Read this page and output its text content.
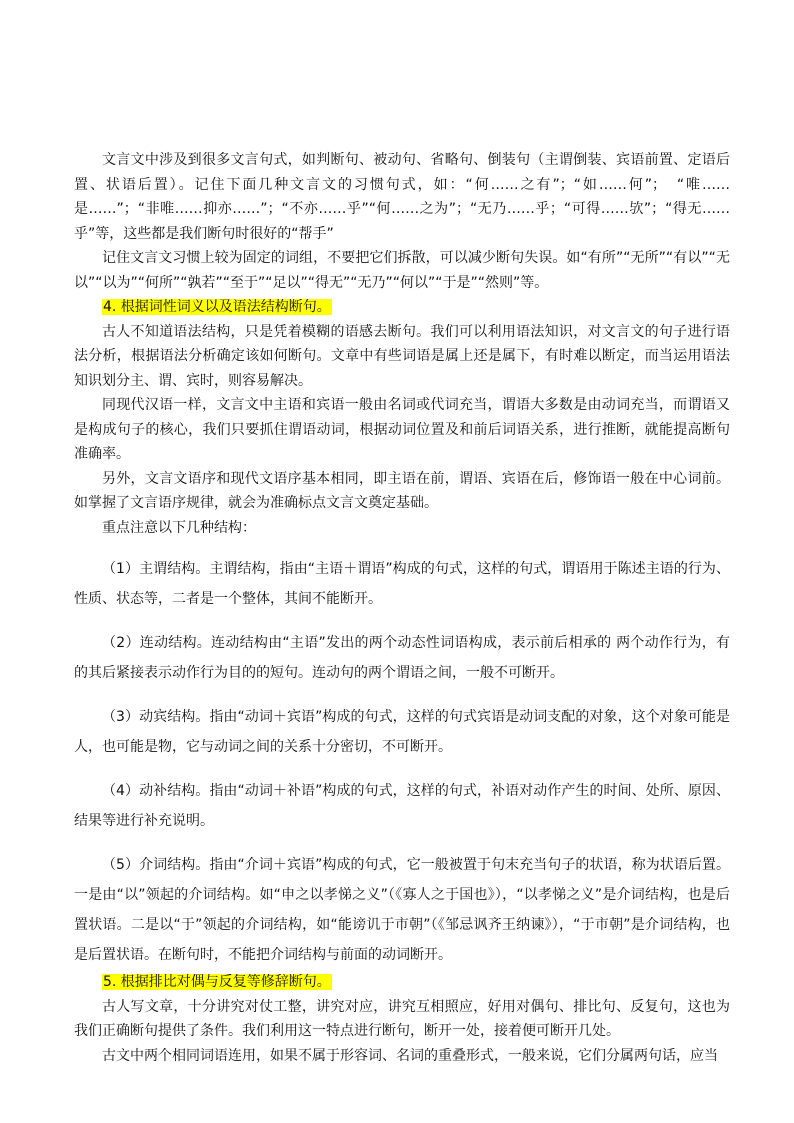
文言文中涉及到很多文言句式，如判断句、被动句、省略句、倒装句（主谓倒装、宾语前置、定语后置、状语后置）。记住下面几种文言文的习惯句式，如：“何……之有”；“如……何”；　“唯……是……”；“非唯……抑亦……”；“不亦……乎”“何……之为”；“无乃……乎；“可得……欤”；“得无……乎”等，这些都是我们断句时很好的“帮手”

记住文言文习惯上较为固定的词组，不要把它们拆散，可以减少断句失误。如“有所”“无所”“有以”“无以”“以为”“何所”“孰若”“至于”“足以”“得无”“无乃”“何以”“于是”“然则”等。

4. 根据词性词义以及语法结构断句。

古人不知道语法结构，只是凭着模糊的语感去断句。我们可以利用语法知识，对文言文的句子进行语法分析，根据语法分析确定该如何断句。文章中有些词语是属上还是属下，有时难以断定，而当运用语法知识划分主、谓、宾时，则容易解决。

同现代汉语一样，文言文中主语和宾语一般由名词或代词充当，谓语大多数是由动词充当，而谓语又是构成句子的核心，我们只要抓住谓语动词，根据动词位置及和前后词语关系，进行推断，就能提高断句准确率。

另外，文言文语序和现代文语序基本相同，即主语在前，谓语、宾语在后，修饰语一般在中心词前。如掌握了文言语序规律，就会为准确标点文言文奠定基础。

重点注意以下几种结构：

（1）主谓结构。主谓结构，指由“主语＋谓语”构成的句式，这样的句式，谓语用于陈述主语的行为、性质、状态等，二者是一个整体，其间不能断开。

（2）连动结构。连动结构由“主语”发出的两个动态性词语构成，表示前后相承的 两个动作行为，有的其后紧接表示动作行为目的的短句。连动句的两个谓语之间，一般不可断开。

（3）动宾结构。指由“动词＋宾语”构成的句式，这样的句式宾语是动词支配的对象，这个对象可能是人，也可能是物，它与动词之间的关系十分密切，不可断开。

（4）动补结构。指由“动词＋补语”构成的句式，这样的句式，补语对动作产生的时间、处所、原因、结果等进行补充说明。

（5）介词结构。指由“介词＋宾语”构成的句式，它一般被置于句末充当句子的状语，称为状语后置。一是由“以”领起的介词结构。如“申之以孝悌之义”（《寡人之于国也》），“以孝悌之义”是介词结构，也是后置状语。二是以“于”领起的介词结构，如“能谤讥于市朝”（《邹忌讽齐王纳谏》），“于市朝”是介词结构，也是后置状语。在断句时，不能把介词结构与前面的动词断开。

5. 根据排比对偶与反复等修辞断句。

古人写文章，十分讲究对仗工整，讲究对应，讲究互相照应，好用对偶句、排比句、反复句，这也为我们正确断句提供了条件。我们利用这一特点进行断句，断开一处，接着便可断开几处。

古文中两个相同词语连用，如果不属于形容词、名词的重叠形式，一般来说，它们分属两句话，应当
